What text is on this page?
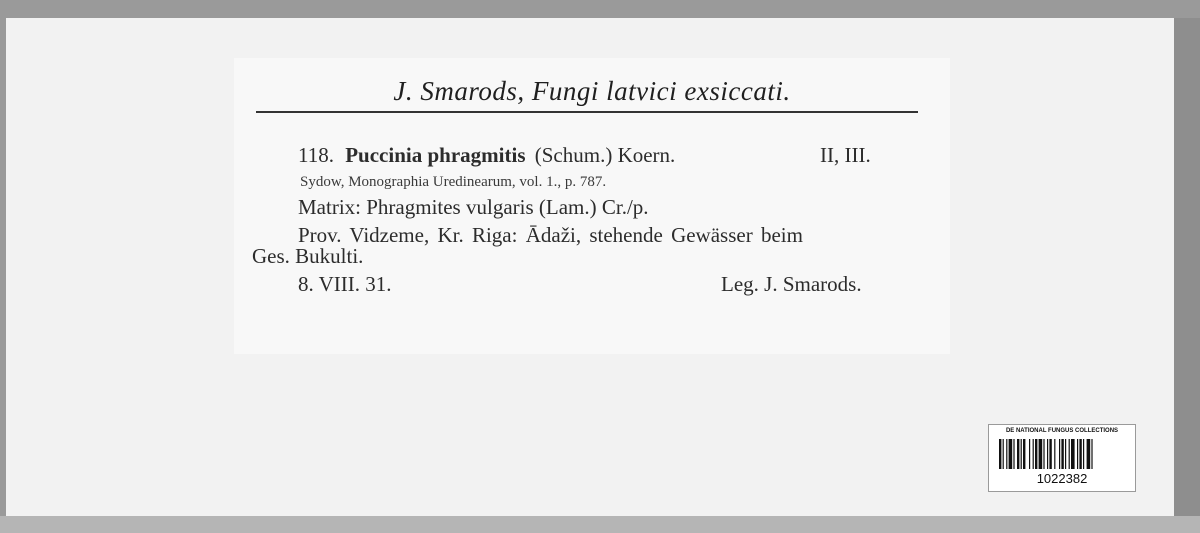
J. Smarods, Fungi latvici exsiccati.
118. Puccinia phragmitis (Schum.) Koern.	II, III.
Sydow, Monographia Uredinearum, vol. 1., p. 787.
Matrix: Phragmites vulgaris (Lam.) Cr./p.
Prov. Vidzeme, Kr. Riga: Ādaži, stehende Gewässer beim
Ges. Bukulti.
8. VIII. 31.	Leg. J. Smarods.
DE NATIONAL FUNGUS COLLECTIONS
1022382
